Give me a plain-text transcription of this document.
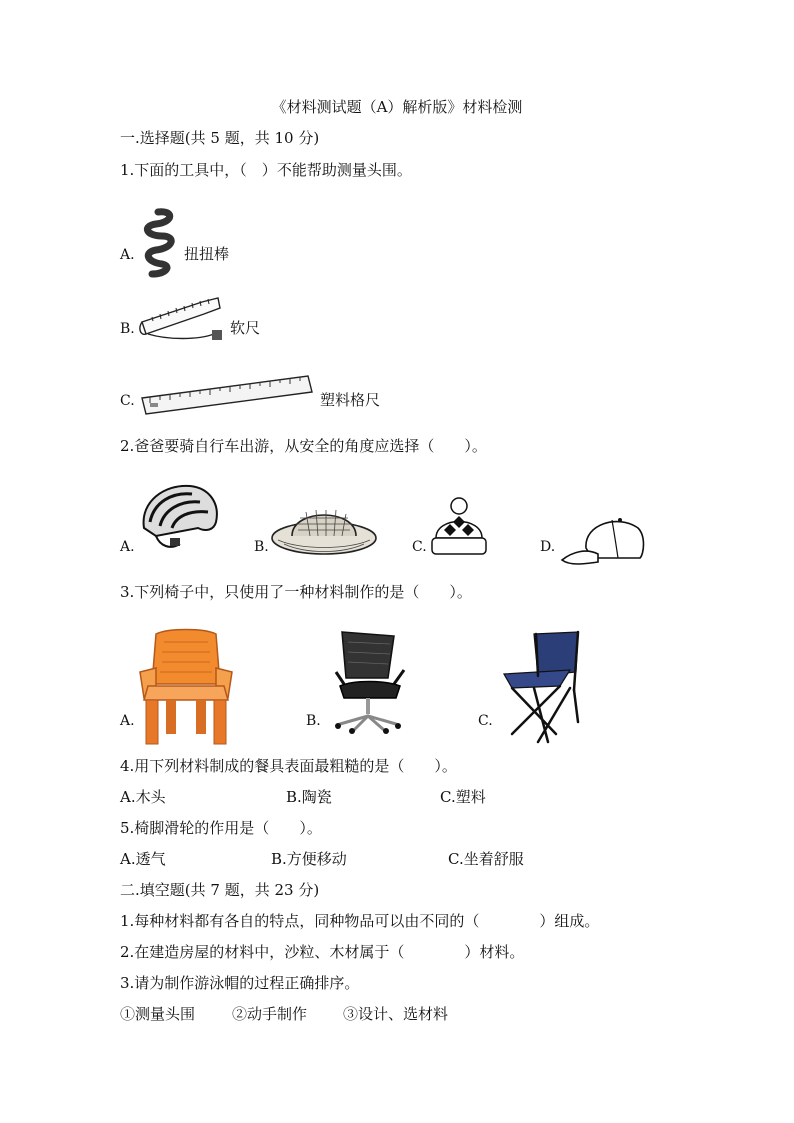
《材料测试题（A）解析版》材料检测
一.选择题(共 5 题，共 10 分)
1.下面的工具中，（　）不能帮助测量头围。
A.	扭扭棒
B.	软尺
C.	塑料格尺
2.爸爸要骑自行车出游，从安全的角度应选择（　　）。
A.	B.	C.	D.
3.下列椅子中，只使用了一种材料制作的是（　　）。
A.	B.	C.
4.用下列材料制成的餐具表面最粗糙的是（　　）。
A.木头	B.陶瓷	C.塑料
5.椅脚滑轮的作用是（　　）。
A.透气	B.方便移动	C.坐着舒服
二.填空题(共 7 题，共 23 分)
1.每种材料都有各自的特点，同种物品可以由不同的（　　　　）组成。
2.在建造房屋的材料中，沙粒、木材属于（　　　　）材料。
3.请为制作游泳帽的过程正确排序。
①测量头围 ②动手制作 ③设计、选材料
